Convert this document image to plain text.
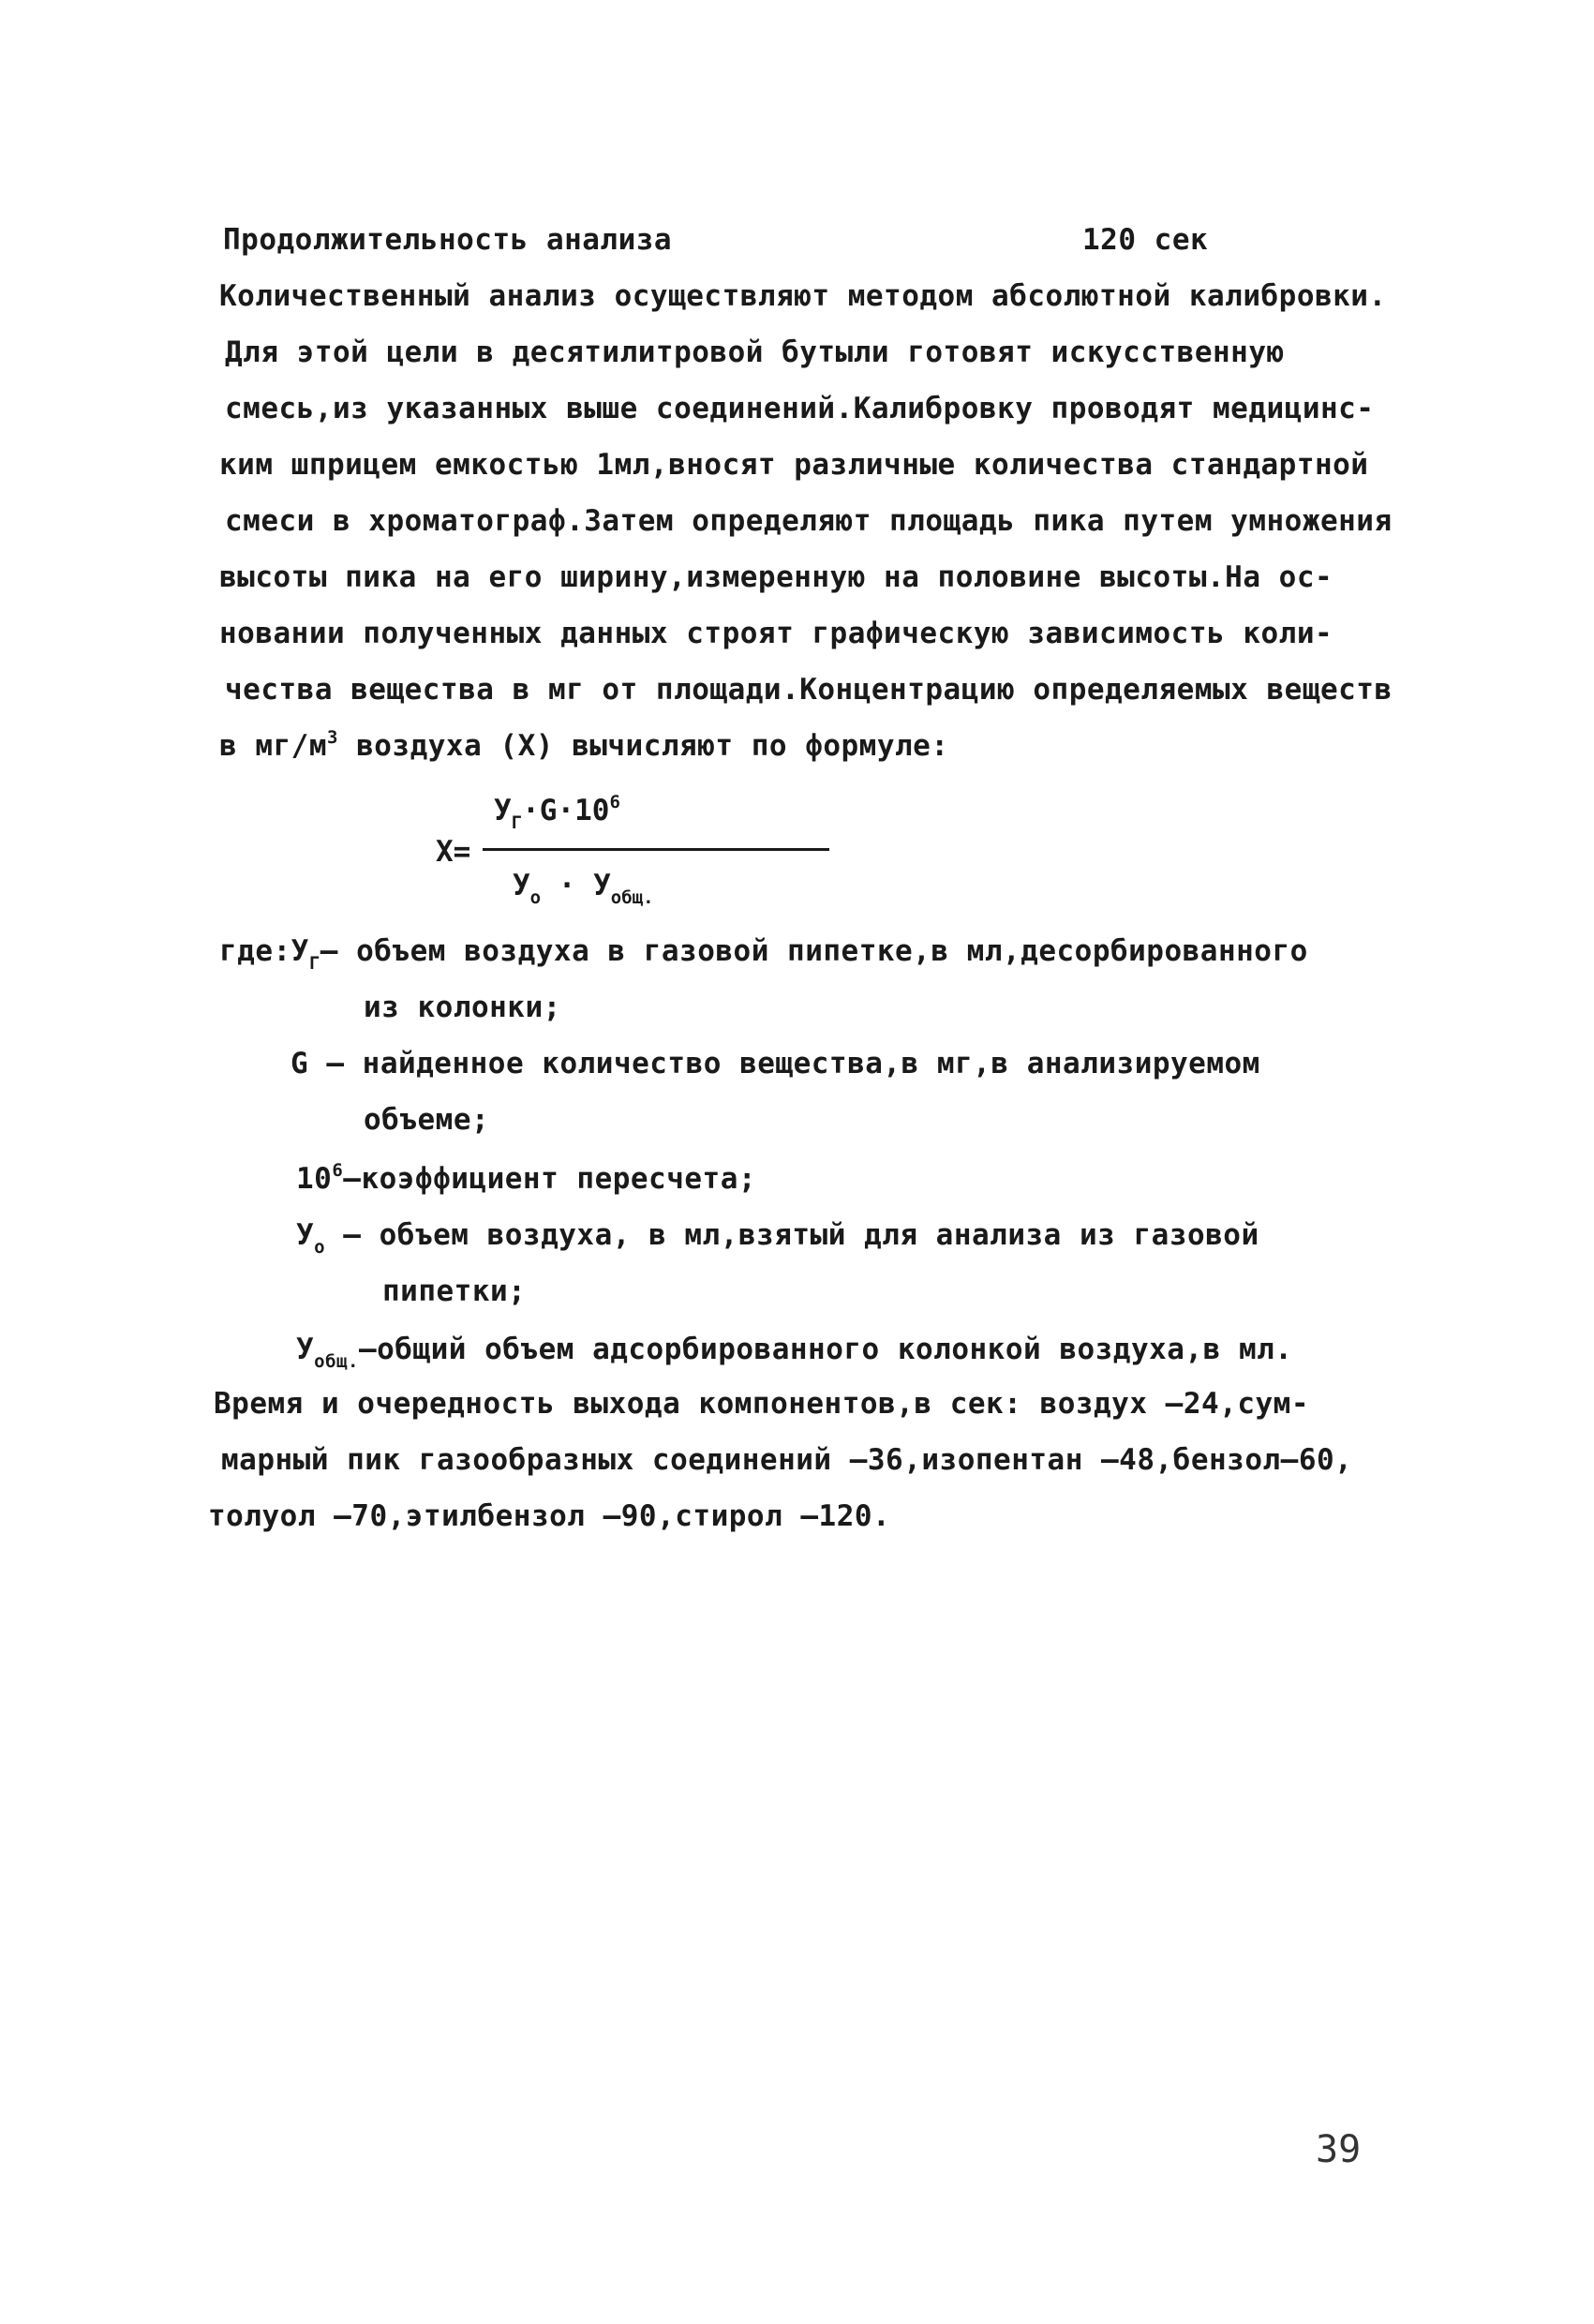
Продолжительность анализа	120 сек
Количественный анализ осуществляют методом абсолютной калибровки.
Для этой цели в десятилитровой бутыли готовят искусственную
смесь,из указанных выше соединений.Калибровку проводят медицинс-
ким шприцем емкостью 1мл,вносят различные количества стандартной
смеси в хроматограф.Затем определяют площадь пика путем умножения
высоты пика на его ширину,измеренную на половине высоты.На ос-
новании полученных данных строят графическую зависимость коли-
чества вещества в мг от площади.Концентрацию определяемых веществ
в $мг/м^3$ воздуха (X) вычисляют по формуле:
X=
$У_Г\cdot G\cdot 10^6$
$У_о \cdot У_{общ.}$
$где:У_Г-$ объем воздуха в газовой пипетке,в мл,десорбированного
из колонки;
G – найденное количество вещества,в мг,в анализируемом
объеме;
$10^6$–коэффициент пересчета;
$У_о$ – объем воздуха, в мл,взятый для анализа из газовой
пипетки;
$У_{общ.}$–общий объем адсорбированного колонкой воздуха,в мл.
Время и очередность выхода компонентов,в сек: воздух –24,сум-
марный пик газообразных соединений –36,изопентан –48,бензол–60,
толуол –70,этилбензол –90,стирол –120.
39
